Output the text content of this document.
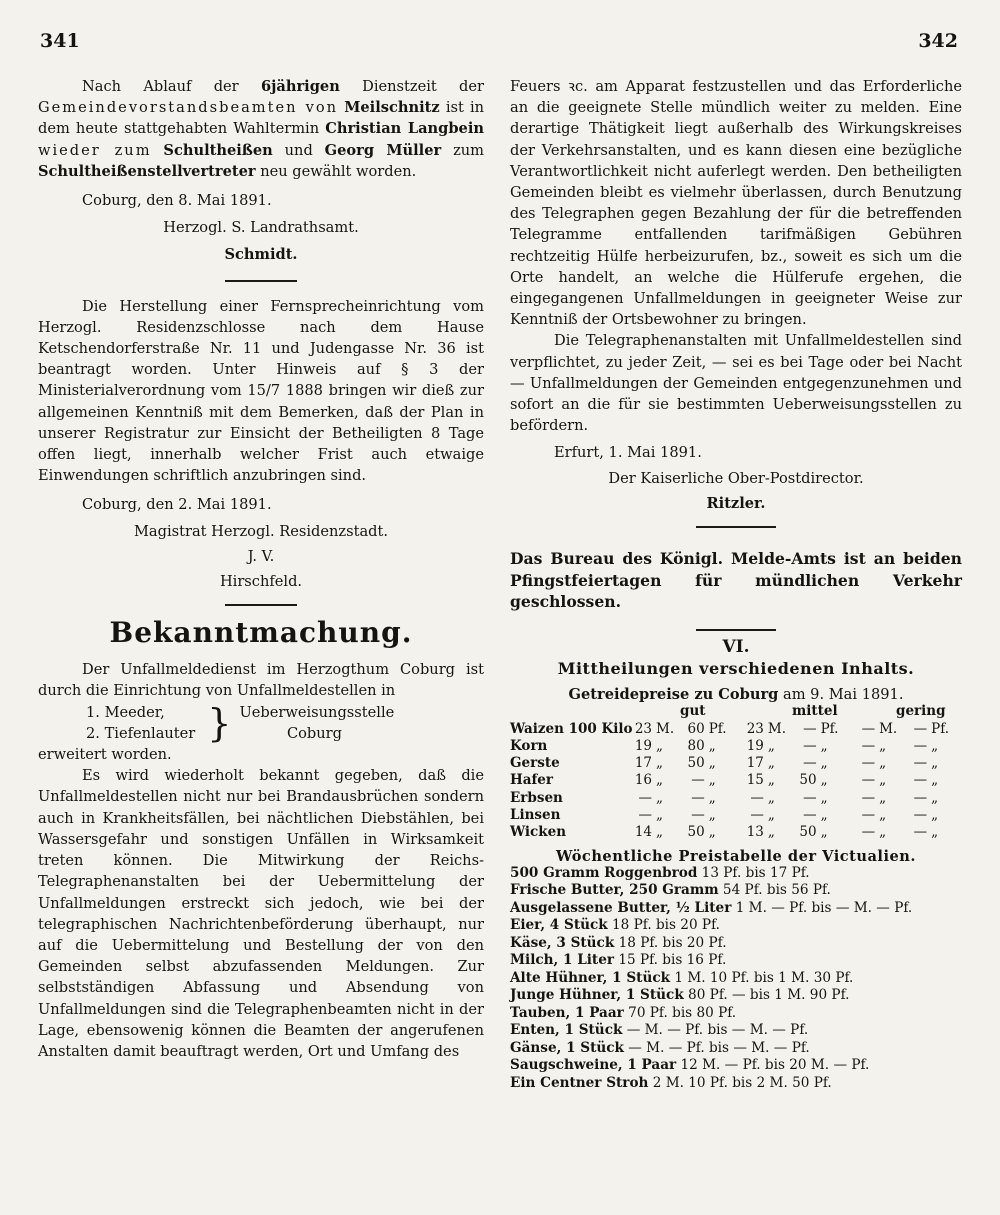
341	342

Nach Ablauf der 6jährigen Dienstzeit der Gemeindevorstandsbeamten von Meilschnitz ist in dem heute stattgehabten Wahltermin Christian Langbein wieder zum Schultheißen und Georg Müller zum Schultheißenstellvertreter neu gewählt worden.

Coburg, den 8. Mai 1891.
Herzogl. S. Landrathsamt.
Schmidt.

Die Herstellung einer Fernsprecheinrichtung vom Herzogl. Residenzschlosse nach dem Hause Ketschendorferstraße Nr. 11 und Judengasse Nr. 36 ist beantragt worden. Unter Hinweis auf § 3 der Ministerialverordnung vom 15/7 1888 bringen wir dieß zur allgemeinen Kenntniß mit dem Bemerken, daß der Plan in unserer Registratur zur Einsicht der Betheiligten 8 Tage offen liegt, innerhalb welcher Frist auch etwaige Einwendungen schriftlich anzubringen sind.

Coburg, den 2. Mai 1891.
Magistrat Herzogl. Residenzstadt.
J. V.
Hirschfeld.
Bekanntmachung.

Der Unfallmeldedienst im Herzogthum Coburg ist durch die Einrichtung von Unfallmeldestellen in

1. Meeder,
2. Tiefenlauter } Ueberweisungsstelle
Coburg

erweitert worden.

Es wird wiederholt bekannt gegeben, daß die Unfallmeldestellen nicht nur bei Brandausbrüchen sondern auch in Krankheitsfällen, bei nächtlichen Diebstählen, bei Wassersgefahr und sonstigen Unfällen in Wirksamkeit treten können. Die Mitwirkung der Reichs-Telegraphenanstalten bei der Uebermittelung der Unfallmeldungen erstreckt sich jedoch, wie bei der telegraphischen Nachrichtenbeförderung überhaupt, nur auf die Uebermittelung und Bestellung der von den Gemeinden selbst abzufassenden Meldungen. Zur selbstständigen Abfassung und Absendung von Unfallmeldungen sind die Telegraphenbeamten nicht in der Lage, ebensowenig können die Beamten der angerufenen Anstalten damit beauftragt werden, Ort und Umfang des

Feuers ꝛc. am Apparat festzustellen und das Erforderliche an die geeignete Stelle mündlich weiter zu melden. Eine derartige Thätigkeit liegt außerhalb des Wirkungskreises der Verkehrsanstalten, und es kann diesen eine bezügliche Verantwortlichkeit nicht auferlegt werden. Den betheiligten Gemeinden bleibt es vielmehr überlassen, durch Benutzung des Telegraphen gegen Bezahlung der für die betreffenden Telegramme entfallenden tarifmäßigen Gebühren rechtzeitig Hülfe herbeizurufen, bz., soweit es sich um die Orte handelt, an welche die Hülferufe ergehen, die eingegangenen Unfallmeldungen in geeigneter Weise zur Kenntniß der Ortsbewohner zu bringen.

Die Telegraphenanstalten mit Unfallmeldestellen sind verpflichtet, zu jeder Zeit, — sei es bei Tage oder bei Nacht — Unfallmeldungen der Gemeinden entgegenzunehmen und sofort an die für sie bestimmten Ueberweisungsstellen zu befördern.

Erfurt, 1. Mai 1891.
Der Kaiserliche Ober-Postdirector.
Ritzler.

Das Bureau des Königl. Melde-Amts ist an beiden Pfingstfeiertagen für mündlichen Verkehr geschlossen.

VI.
Mittheilungen verschiedenen Inhalts.
Getreidepreise zu Coburg am 9. Mai 1891.
gut	mittel	gering
Waizen 100 Kilo	23	M.	60	Pf.	23	M.	—	Pf.	—	M.	—	Pf.
Korn	19	„	80	„	19	„	—	„	—	„	—	„
Gerste	17	„	50	„	17	„	—	„	—	„	—	„
Hafer	16	„	—	„	15	„	50	„	—	„	—	„
Erbsen	—	„	—	„	—	„	—	„	—	„	—	„
Linsen	—	„	—	„	—	„	—	„	—	„	—	„
Wicken	14	„	50	„	13	„	50	„	—	„	—	„
Wöchentliche Preistabelle der Victualien.
500 Gramm Roggenbrod 13 Pf. bis 17 Pf.
Frische Butter, 250 Gramm 54 Pf. bis 56 Pf.
Ausgelassene Butter, ½ Liter 1 M. — Pf. bis — M. — Pf.
Eier, 4 Stück 18 Pf. bis 20 Pf.
Käse, 3 Stück 18 Pf. bis 20 Pf.
Milch, 1 Liter 15 Pf. bis 16 Pf.
Alte Hühner, 1 Stück 1 M. 10 Pf. bis 1 M. 30 Pf.
Junge Hühner, 1 Stück 80 Pf. — bis 1 M. 90 Pf.
Tauben, 1 Paar 70 Pf. bis 80 Pf.
Enten, 1 Stück — M. — Pf. bis — M. — Pf.
Gänse, 1 Stück — M. — Pf. bis — M. — Pf.
Saugschweine, 1 Paar 12 M. — Pf. bis 20 M. — Pf.
Ein Centner Stroh 2 M. 10 Pf. bis 2 M. 50 Pf.
